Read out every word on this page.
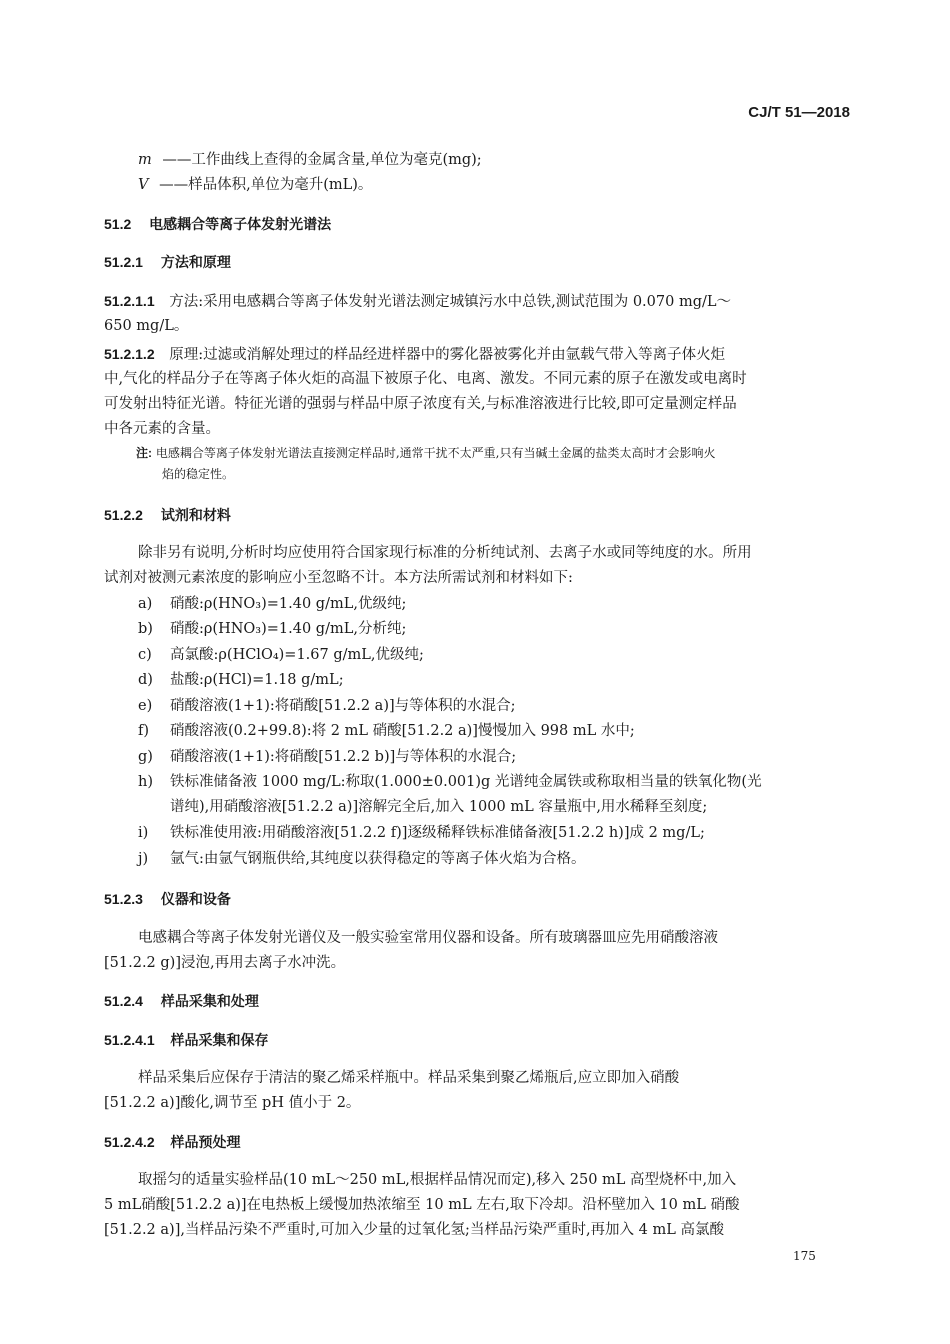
CJ/T 51—2018
m ——工作曲线上查得的金属含量,单位为毫克(mg);
V ——样品体积,单位为毫升(mL)。
51.2 电感耦合等离子体发射光谱法
51.2.1 方法和原理
51.2.1.1 方法:采用电感耦合等离子体发射光谱法测定城镇污水中总铁,测试范围为 0.070 mg/L～
650 mg/L。
51.2.1.2 原理:过滤或消解处理过的样品经进样器中的雾化器被雾化并由氩载气带入等离子体火炬
中,气化的样品分子在等离子体火炬的高温下被原子化、电离、激发。不同元素的原子在激发或电离时
可发射出特征光谱。特征光谱的强弱与样品中原子浓度有关,与标准溶液进行比较,即可定量测定样品
中各元素的含量。
注: 电感耦合等离子体发射光谱法直接测定样品时,通常干扰不太严重,只有当碱土金属的盐类太高时才会影响火
焰的稳定性。
51.2.2 试剂和材料
除非另有说明,分析时均应使用符合国家现行标准的分析纯试剂、去离子水或同等纯度的水。所用
试剂对被测元素浓度的影响应小至忽略不计。本方法所需试剂和材料如下:
a) 硝酸:ρ(HNO₃)=1.40 g/mL,优级纯;
b) 硝酸:ρ(HNO₃)=1.40 g/mL,分析纯;
c) 高氯酸:ρ(HClO₄)=1.67 g/mL,优级纯;
d) 盐酸:ρ(HCl)=1.18 g/mL;
e) 硝酸溶液(1+1):将硝酸[51.2.2 a)]与等体积的水混合;
f) 硝酸溶液(0.2+99.8):将 2 mL 硝酸[51.2.2 a)]慢慢加入 998 mL 水中;
g) 硝酸溶液(1+1):将硝酸[51.2.2 b)]与等体积的水混合;
h) 铁标准储备液 1000 mg/L:称取(1.000±0.001)g 光谱纯金属铁或称取相当量的铁氧化物(光
谱纯),用硝酸溶液[51.2.2 a)]溶解完全后,加入 1000 mL 容量瓶中,用水稀释至刻度;
i) 铁标准使用液:用硝酸溶液[51.2.2 f)]逐级稀释铁标准储备液[51.2.2 h)]成 2 mg/L;
j) 氩气:由氩气钢瓶供给,其纯度以获得稳定的等离子体火焰为合格。
51.2.3 仪器和设备
电感耦合等离子体发射光谱仪及一般实验室常用仪器和设备。所有玻璃器皿应先用硝酸溶液
[51.2.2 g)]浸泡,再用去离子水冲洗。
51.2.4 样品采集和处理
51.2.4.1 样品采集和保存
样品采集后应保存于清洁的聚乙烯采样瓶中。样品采集到聚乙烯瓶后,应立即加入硝酸
[51.2.2 a)]酸化,调节至 pH 值小于 2。
51.2.4.2 样品预处理
取摇匀的适量实验样品(10 mL～250 mL,根据样品情况而定),移入 250 mL 高型烧杯中,加入
5 mL硝酸[51.2.2 a)]在电热板上缓慢加热浓缩至 10 mL 左右,取下冷却。沿杯壁加入 10 mL 硝酸
[51.2.2 a)],当样品污染不严重时,可加入少量的过氧化氢;当样品污染严重时,再加入 4 mL 高氯酸
175
